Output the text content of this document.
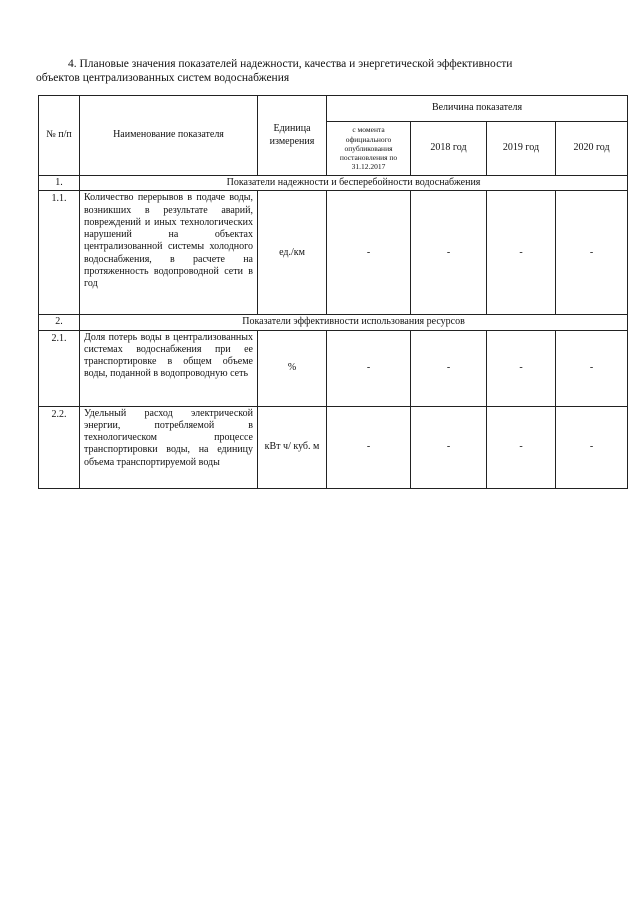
4. Плановые значения показателей надежности, качества и энергетической эффективности
объектов централизованных систем водоснабжения
№ п/п	Наименование показателя	Единица измерения	Величина показателя			
			с момента официального опубликования постановления по 31.12.2017	2018 год	2019 год	2020 год
1.	Показатели надежности и бесперебойности водоснабжения					
1.1.	Количество перерывов в подаче воды, возникших в результате аварий, повреждений и иных технологических нарушений на объектах централизованной системы холодного водоснабжения, в расчете на протяженность водопроводной сети в год	ед./км	-	-	-	-
2.	Показатели эффективности использования ресурсов					
2.1.	Доля потерь воды в централизованных системах водоснабжения при ее транспортировке в общем объеме воды, поданной в водопроводную сеть	%	-	-	-	-
2.2.	Удельный расход электрической энергии, потребляемой в технологическом процессе транспортировки воды, на единицу объема транспортируемой воды	кВт ч/ куб. м	-	-	-	-
